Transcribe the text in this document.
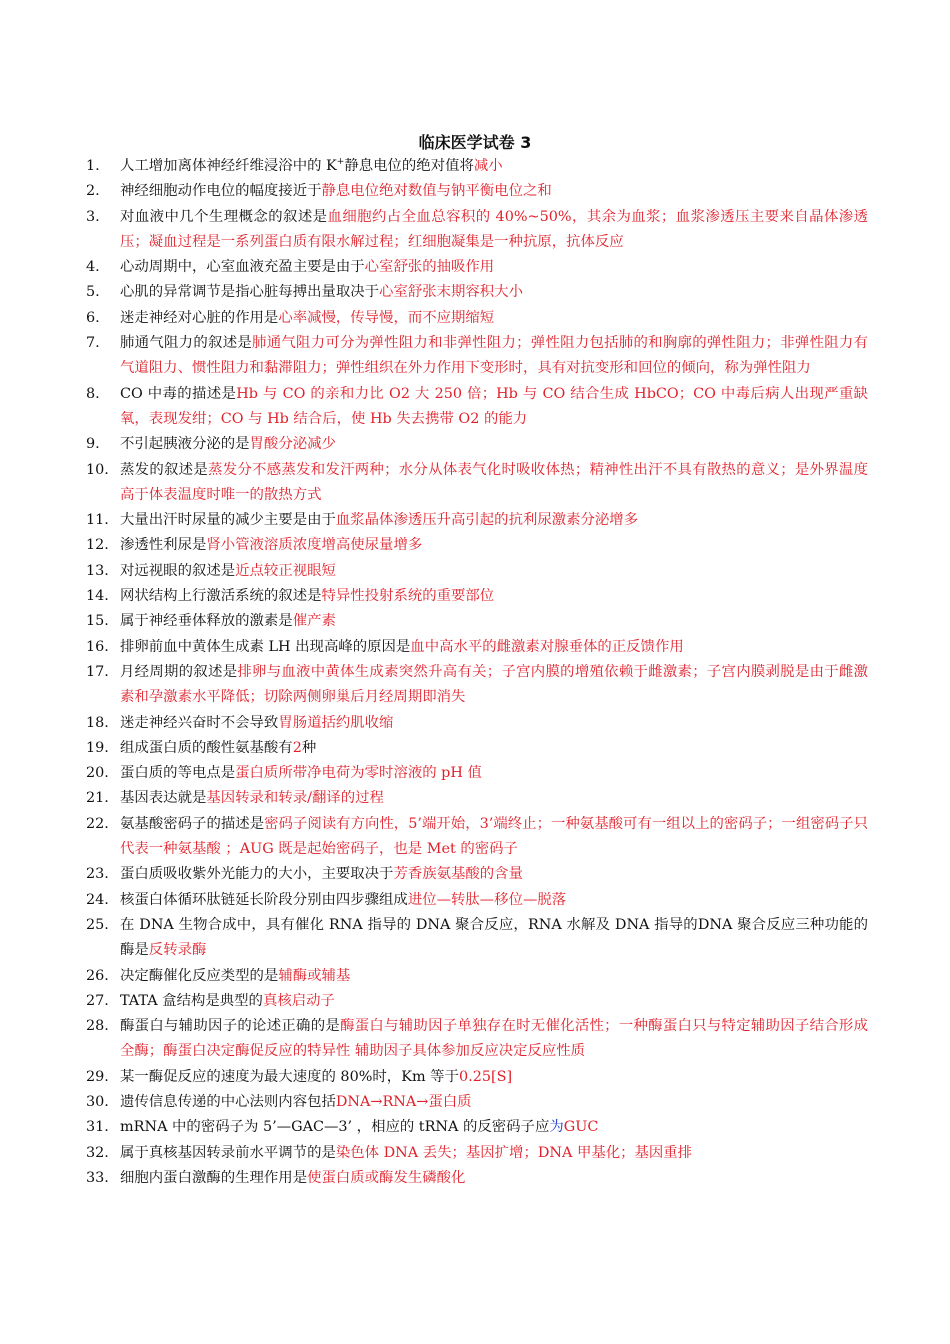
临床医学试卷 3
1. 人工增加离体神经纤维浸浴中的 K+静息电位的绝对值将减小
2. 神经细胞动作电位的幅度接近于静息电位绝对数值与钠平衡电位之和
3. 对血液中几个生理概念的叙述是血细胞约占全血总容积的 40%~50%，其余为血浆；血浆渗透压主要来自晶体渗透压；凝血过程是一系列蛋白质有限水解过程；红细胞凝集是一种抗原，抗体反应
4. 心动周期中，心室血液充盈主要是由于心室舒张的抽吸作用
5. 心肌的异常调节是指心脏每搏出量取决于心室舒张末期容积大小
6. 迷走神经对心脏的作用是心率减慢，传导慢，而不应期缩短
7. 肺通气阻力的叙述是肺通气阻力可分为弹性阻力和非弹性阻力；弹性阻力包括肺的和胸廓的弹性阻力；非弹性阻力有气道阻力、惯性阻力和黏滞阻力；弹性组织在外力作用下变形时，具有对抗变形和回位的倾向，称为弹性阻力
8. CO 中毒的描述是Hb 与 CO 的亲和力比 O2 大 250 倍；Hb 与 CO 结合生成 HbCO；CO 中毒后病人出现严重缺氧，表现发绀；CO 与 Hb 结合后，使 Hb 失去携带 O2 的能力
9. 不引起胰液分泌的是胃酸分泌减少
10. 蒸发的叙述是蒸发分不感蒸发和发汗两种；水分从体表气化时吸收体热；精神性出汗不具有散热的意义；是外界温度高于体表温度时唯一的散热方式
11. 大量出汗时尿量的减少主要是由于血浆晶体渗透压升高引起的抗利尿激素分泌增多
12. 渗透性利尿是肾小管液溶质浓度增高使尿量增多
13. 对远视眼的叙述是近点较正视眼短
14. 网状结构上行激活系统的叙述是特异性投射系统的重要部位
15. 属于神经垂体释放的激素是催产素
16. 排卵前血中黄体生成素 LH 出现高峰的原因是血中高水平的雌激素对腺垂体的正反馈作用
17. 月经周期的叙述是排卵与血液中黄体生成素突然升高有关；子宫内膜的增殖依赖于雌激素；子宫内膜剥脱是由于雌激素和孕激素水平降低；切除两侧卵巢后月经周期即消失
18. 迷走神经兴奋时不会导致胃肠道括约肌收缩
19. 组成蛋白质的酸性氨基酸有2种
20. 蛋白质的等电点是蛋白质所带净电荷为零时溶液的 pH 值
21. 基因表达就是基因转录和转录/翻译的过程
22. 氨基酸密码子的描述是密码子阅读有方向性，5’端开始，3’端终止；一种氨基酸可有一组以上的密码子；一组密码子只代表一种氨基酸 ；AUG 既是起始密码子，也是 Met 的密码子
23. 蛋白质吸收紫外光能力的大小，主要取决于芳香族氨基酸的含量
24. 核蛋白体循环肽链延长阶段分别由四步骤组成进位—转肽—移位—脱落
25. 在 DNA 生物合成中，具有催化 RNA 指导的 DNA 聚合反应，RNA 水解及 DNA 指导的DNA 聚合反应三种功能的酶是反转录酶
26. 决定酶催化反应类型的是辅酶或辅基
27. TATA 盒结构是典型的真核启动子
28. 酶蛋白与辅助因子的论述正确的是酶蛋白与辅助因子单独存在时无催化活性；一种酶蛋白只与特定辅助因子结合形成全酶；酶蛋白决定酶促反应的特异性 辅助因子具体参加反应决定反应性质
29. 某一酶促反应的速度为最大速度的 80%时，Km 等于0.25[S]
30. 遗传信息传递的中心法则内容包括DNA→RNA→蛋白质
31. mRNA 中的密码子为 5’—GAC—3’ ，相应的 tRNA 的反密码子应为GUC
32. 属于真核基因转录前水平调节的是染色体 DNA 丢失；基因扩增；DNA 甲基化；基因重排
33. 细胞内蛋白激酶的生理作用是使蛋白质或酶发生磷酸化
